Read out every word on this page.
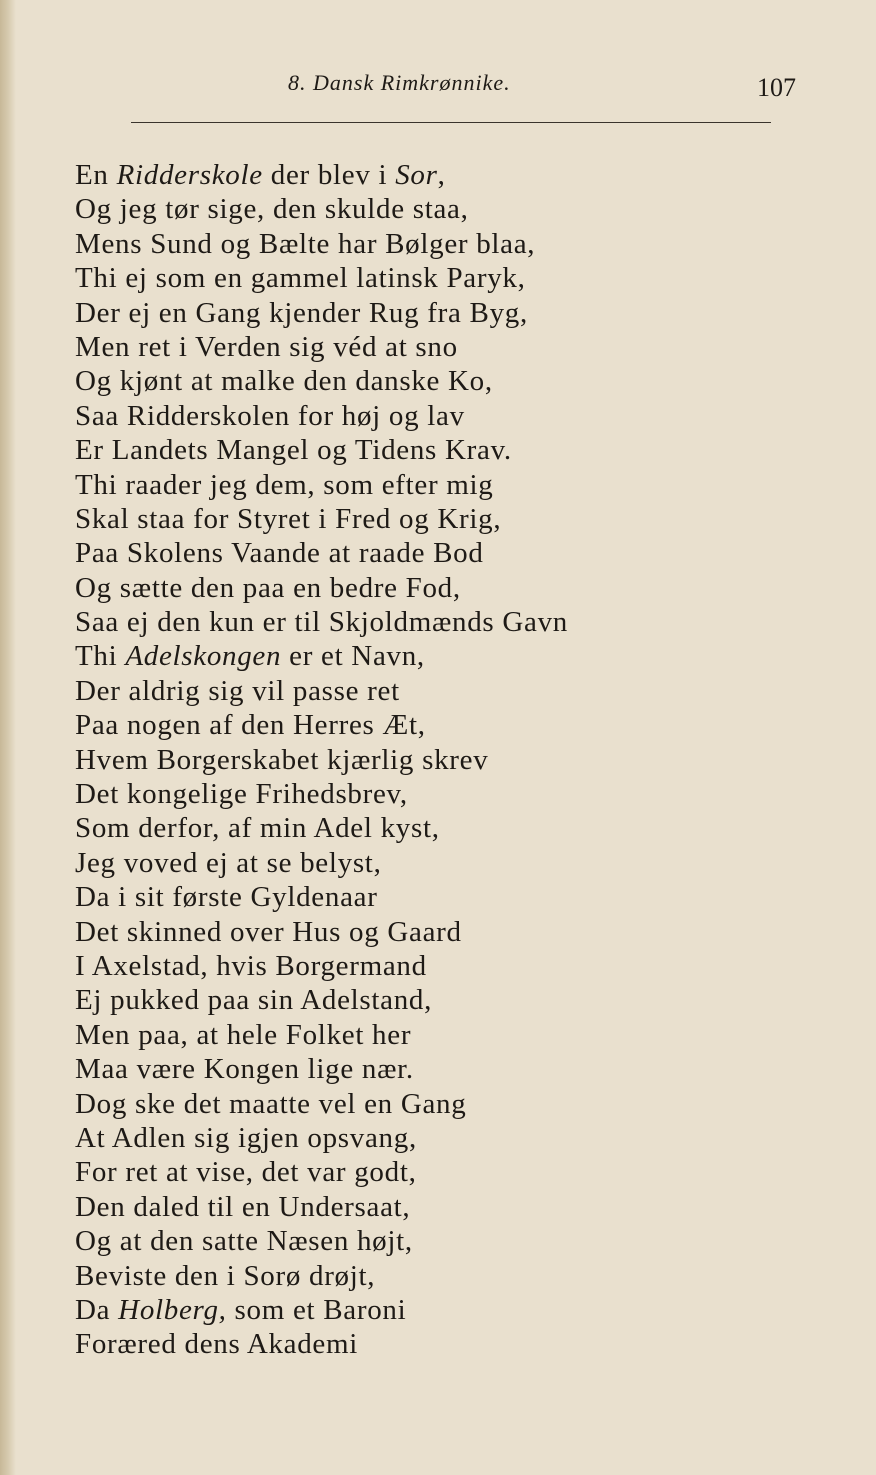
8. Dansk Rimkrønnike.	107
En Ridderskole der blev i Sor,
Og jeg tør sige, den skulde staa,
Mens Sund og Bælte har Bølger blaa,
Thi ej som en gammel latinsk Paryk,
Der ej en Gang kjender Rug fra Byg,
Men ret i Verden sig véd at sno
Og kjønt at malke den danske Ko,
Saa Ridderskolen for høj og lav
Er Landets Mangel og Tidens Krav.
Thi raader jeg dem, som efter mig
Skal staa for Styret i Fred og Krig,
Paa Skolens Vaande at raade Bod
Og sætte den paa en bedre Fod,
Saa ej den kun er til Skjoldmænds Gavn
Thi Adelskongen er et Navn,
Der aldrig sig vil passe ret
Paa nogen af den Herres Æt,
Hvem Borgerskabet kjærlig skrev
Det kongelige Frihedsbrev,
Som derfor, af min Adel kyst,
Jeg voved ej at se belyst,
Da i sit første Gyldenaar
Det skinned over Hus og Gaard
I Axelstad, hvis Borgermand
Ej pukked paa sin Adelstand,
Men paa, at hele Folket her
Maa være Kongen lige nær.
Dog ske det maatte vel en Gang
At Adlen sig igjen opsvang,
For ret at vise, det var godt,
Den daled til en Undersaat,
Og at den satte Næsen højt,
Beviste den i Sorø drøjt,
Da Holberg, som et Baroni
Foræred dens Akademi
